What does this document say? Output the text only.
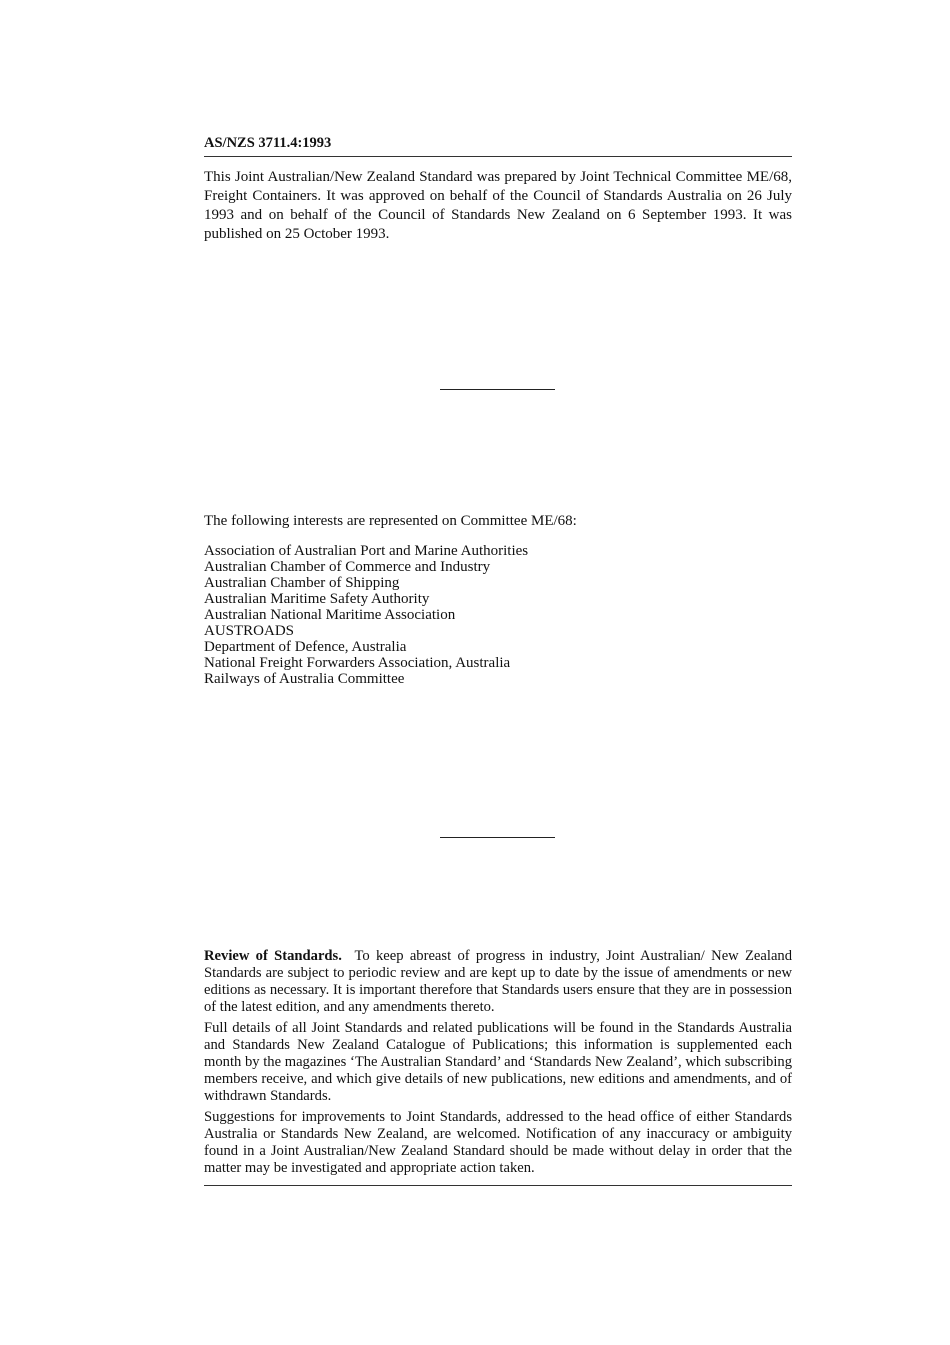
AS/NZS 3711.4:1993

This Joint Australian/New Zealand Standard was prepared by Joint Technical Committee ME/68, Freight Containers. It was approved on behalf of the Council of Standards Australia on 26 July 1993 and on behalf of the Council of Standards New Zealand on 6 September 1993. It was published on 25 October 1993.

The following interests are represented on Committee ME/68:

Association of Australian Port and Marine Authorities
Australian Chamber of Commerce and Industry
Australian Chamber of Shipping
Australian Maritime Safety Authority
Australian National Maritime Association
AUSTROADS
Department of Defence, Australia
National Freight Forwarders Association, Australia
Railways of Australia Committee

Review of Standards. To keep abreast of progress in industry, Joint Australian/ New Zealand Standards are subject to periodic review and are kept up to date by the issue of amendments or new editions as necessary. It is important therefore that Standards users ensure that they are in possession of the latest edition, and any amendments thereto.

Full details of all Joint Standards and related publications will be found in the Standards Australia and Standards New Zealand Catalogue of Publications; this information is supplemented each month by the magazines ‘The Australian Standard’ and ‘Standards New Zealand’, which subscribing members receive, and which give details of new publications, new editions and amendments, and of withdrawn Standards.

Suggestions for improvements to Joint Standards, addressed to the head office of either Standards Australia or Standards New Zealand, are welcomed. Notification of any inaccuracy or ambiguity found in a Joint Australian/New Zealand Standard should be made without delay in order that the matter may be investigated and appropriate action taken.
